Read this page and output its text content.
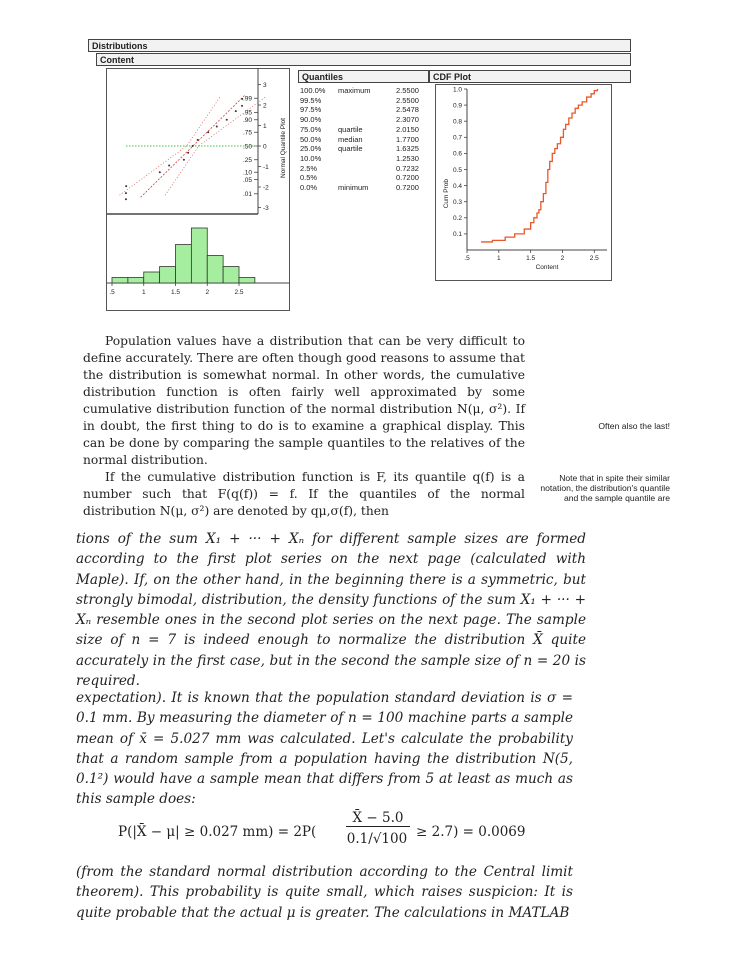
Distributions
Content
.99
.95
.90
.75
.50
.25
.10
.05
.01
3
2
1
0
-1
-2
-3
Normal Quantile Plot
.5	1	1.5	2	2.5
Quantiles
100.0% maximum	2.5500
99.5%	2.5500
97.5%	2.5478
90.0%	2.3070
75.0% quartile	2.0150
50.0% median	1.7700
25.0% quartile	1.6325
10.0%	1.2530
2.5%	0.7232
0.5%	0.7200
0.0%	minimum	0.7200
CDF Plot
1.0
0.9
0.8
0.7
0.6
0.5
0.4
0.3
0.2
0.1
.5	1	1.5	2	2.5
Content
Cum Prob
Population values have a distribution that can be very difficult to define accurately. There are often though good reasons to assume that the distribution is somewhat normal. In other words, the cumulative distribution function is often fairly well approximated by some cumulative distribution function of the normal distribution N(μ, σ²). If in doubt, the first thing to do is to examine a graphical display. This can be done by comparing the sample quantiles to the relatives of the normal distribution.
If the cumulative distribution function is F, its quantile q(f) is a number such that F(q(f)) = f. If the quantiles of the normal distribution N(μ, σ²) are denoted by qμ,σ(f), then
Often also the last!
Note that in spite their similar notation, the distribution's quantile and the sample quantile are
tions of the sum X₁ + ··· + Xₙ for different sample sizes are formed according to the first plot series on the next page (calculated with Maple). If, on the other hand, in the beginning there is a symmetric, but strongly bimodal, distribution, the density functions of the sum X₁ + ··· + Xₙ resemble ones in the second plot series on the next page. The sample size of n = 7 is indeed enough to normalize the distribution X̄ quite accurately in the first case, but in the second the sample size of n = 20 is required.
expectation). It is known that the population standard deviation is σ = 0.1 mm. By measuring the diameter of n = 100 machine parts a sample mean of x̄ = 5.027 mm was calculated. Let's calculate the probability that a random sample from a population having the distribution N(5, 0.1²) would have a sample mean that differs from 5 at least as much as this sample does:
P(|X̄ − μ| ≥ 0.027 mm) = 2P(
X̄ − 5.0
0.1/√100 ≥ 2.7) = 0.0069
(from the standard normal distribution according to the Central limit theorem). This probability is quite small, which raises suspicion: It is quite probable that the actual μ is greater. The calculations in MATLAB
